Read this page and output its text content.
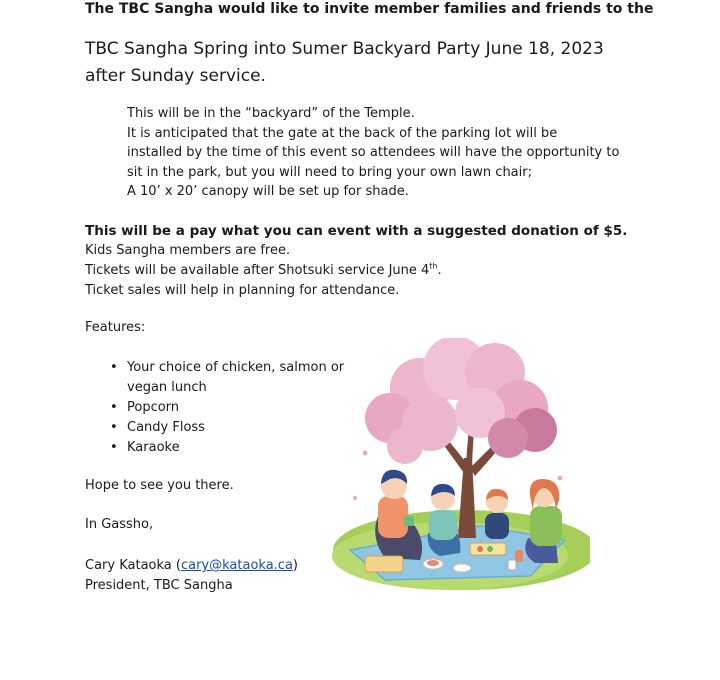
The TBC Sangha would like to invite member families and friends to the
TBC Sangha Spring into Sumer Backyard Party June 18, 2023
after Sunday service.
This will be in the “backyard” of the Temple.
It is anticipated that the gate at the back of the parking lot will be
installed by the time of this event so attendees will have the opportunity to
sit in the park, but you will need to bring your own lawn chair;
A 10’ x 20’ canopy will be set up for shade.
This will be a pay what you can event with a suggested donation of $5.
Kids Sangha members are free.
Tickets will be available after Shotsuki service June 4th.
Ticket sales will help in planning for attendance.
Features:
• Your choice of chicken, salmon or vegan lunch
• Popcorn
• Candy Floss
• Karaoke
Hope to see you there.
In Gassho,
Cary Kataoka (cary@kataoka.ca)
President, TBC Sangha
